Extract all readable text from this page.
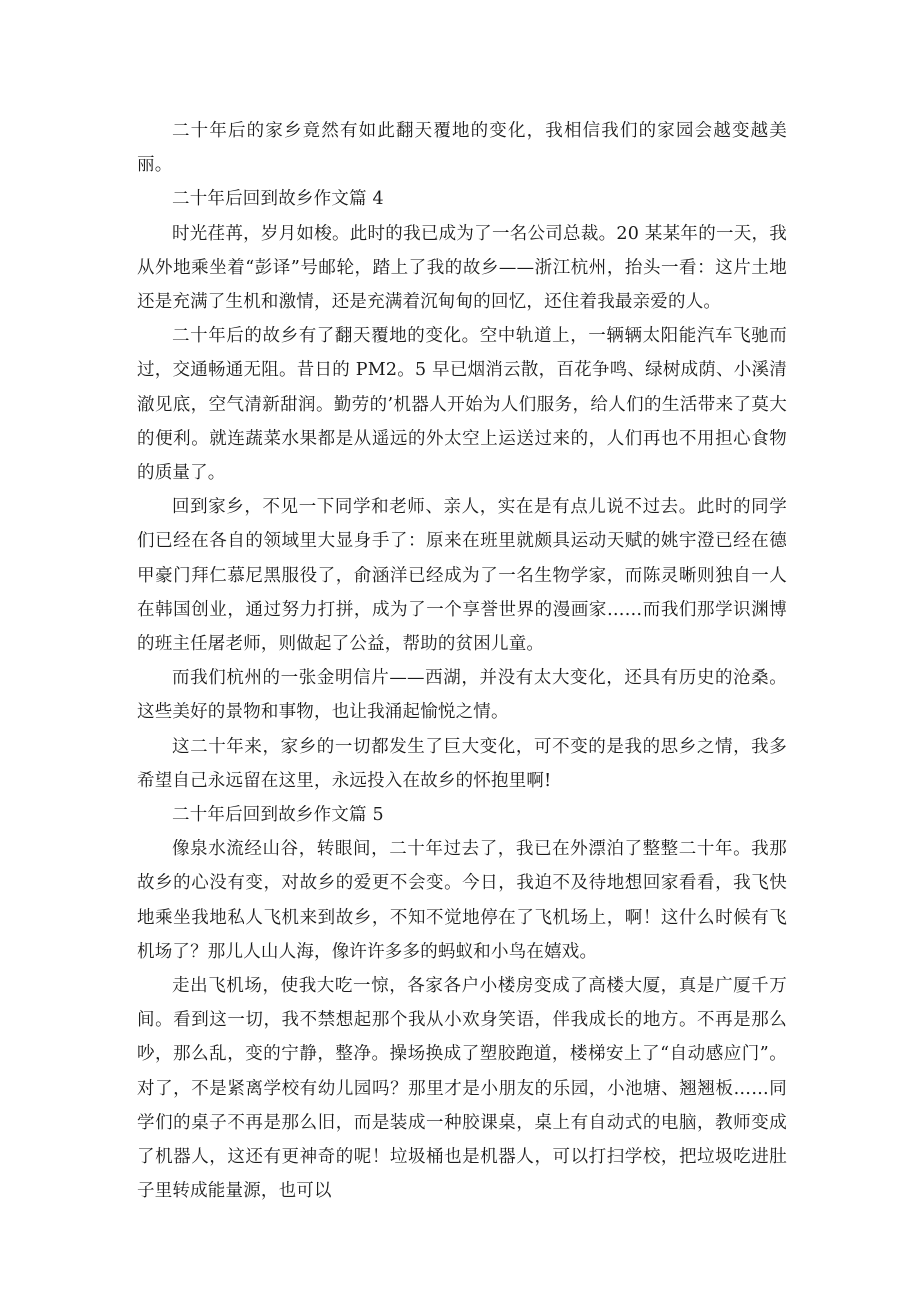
二十年后的家乡竟然有如此翻天覆地的变化，我相信我们的家园会越变越美丽。

二十年后回到故乡作文篇 4

时光荏苒，岁月如梭。此时的我已成为了一名公司总裁。20 某某年的一天，我从外地乘坐着“彭译”号邮轮，踏上了我的故乡——浙江杭州，抬头一看：这片土地还是充满了生机和激情，还是充满着沉甸甸的回忆，还住着我最亲爱的人。

二十年后的故乡有了翻天覆地的变化。空中轨道上，一辆辆太阳能汽车飞驰而过，交通畅通无阻。昔日的 PM2。5 早已烟消云散，百花争鸣、绿树成荫、小溪清澈见底，空气清新甜润。勤劳的’机器人开始为人们服务，给人们的生活带来了莫大的便利。就连蔬菜水果都是从遥远的外太空上运送过来的，人们再也不用担心食物的质量了。

回到家乡，不见一下同学和老师、亲人，实在是有点儿说不过去。此时的同学们已经在各自的领域里大显身手了：原来在班里就颇具运动天赋的姚宇澄已经在德甲豪门拜仁慕尼黑服役了，俞涵洋已经成为了一名生物学家，而陈灵晰则独自一人在韩国创业，通过努力打拼，成为了一个享誉世界的漫画家……而我们那学识渊博的班主任屠老师，则做起了公益，帮助的贫困儿童。

而我们杭州的一张金明信片——西湖，并没有太大变化，还具有历史的沧桑。这些美好的景物和事物，也让我涌起愉悦之情。

这二十年来，家乡的一切都发生了巨大变化，可不变的是我的思乡之情，我多希望自己永远留在这里，永远投入在故乡的怀抱里啊!

二十年后回到故乡作文篇 5

像泉水流经山谷，转眼间，二十年过去了，我已在外漂泊了整整二十年。我那故乡的心没有变，对故乡的爱更不会变。今日，我迫不及待地想回家看看，我飞快地乘坐我地私人飞机来到故乡，不知不觉地停在了飞机场上，啊！这什么时候有飞机场了？那儿人山人海，像许许多多的蚂蚁和小鸟在嬉戏。

走出飞机场，使我大吃一惊，各家各户小楼房变成了高楼大厦，真是广厦千万间。看到这一切，我不禁想起那个我从小欢身笑语，伴我成长的地方。不再是那么吵，那么乱，变的宁静，整净。操场换成了塑胶跑道，楼梯安上了“自动感应门”。对了，不是紧离学校有幼儿园吗？那里才是小朋友的乐园，小池塘、翘翘板……同学们的桌子不再是那么旧，而是装成一种胶课桌，桌上有自动式的电脑，教师变成了机器人，这还有更神奇的呢！垃圾桶也是机器人，可以打扫学校，把垃圾吃进肚子里转成能量源，也可以
